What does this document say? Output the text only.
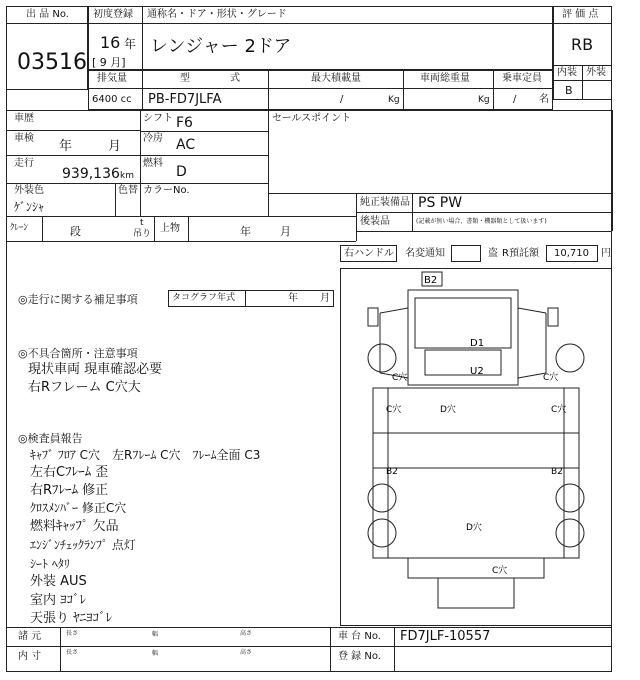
出 品 No.
03516
初度登録 通称名・ドア・形状・グレード
16 年
[ 9 月]
レンジャー 2ドア
評 価 点
RB
内装 外装
B
排気量
6400 cc
型　　　　式
PB-FD7JLFA
最大積載量
/	Kg
車両総重量
Kg
乗車定員
/ 名
車歴
車検
年	月
走行
939,136 km
外装色
ｹﾞﾝｼｬ
色替 カラーNo.
シフト F6
冷房 AC
燃料
D
セールスポイント
純正装備品 PS PW
後装品	(記載が無い場合、書類・機器類として扱います)
ｸﾚｰﾝ	段
t
吊り 上物	年	月
右ハンドル 名変通知	盗 R預託額 10,710 円
◎走行に関する補足事項	タコグラフ年式	年 月
◎不具合箇所・注意事項
現状車両 現車確認必要
右Rフレーム C穴大
◎検査員報告
ｷｬﾌﾞ ﾌﾛｱ C穴　左Rﾌﾚｰﾑ C穴　ﾌﾚｰﾑ全面 C3
左右Cﾌﾚｰﾑ 歪
右Rﾌﾚｰﾑ 修正
ｸﾛｽﾒﾝﾊﾞｰ 修正C穴
燃料ｷｬｯﾌﾟ 欠品
ｴﾝｼﾞﾝﾁｪｯｸﾗﾝﾌﾟ 点灯
ｼｰﾄ ﾍﾀﾘ
外装 AUS
室内 ﾖｺﾞﾚ
天張り ﾔﾆﾖｺﾞﾚ
B2
D1
U2
C穴	C穴
C穴	D穴	C穴
B2	B2
D穴
C穴
諸 元
内 寸
長さ	幅	高さ
長さ	幅	高さ
車 台 No. FD7JLF-10557
登 録 No.
